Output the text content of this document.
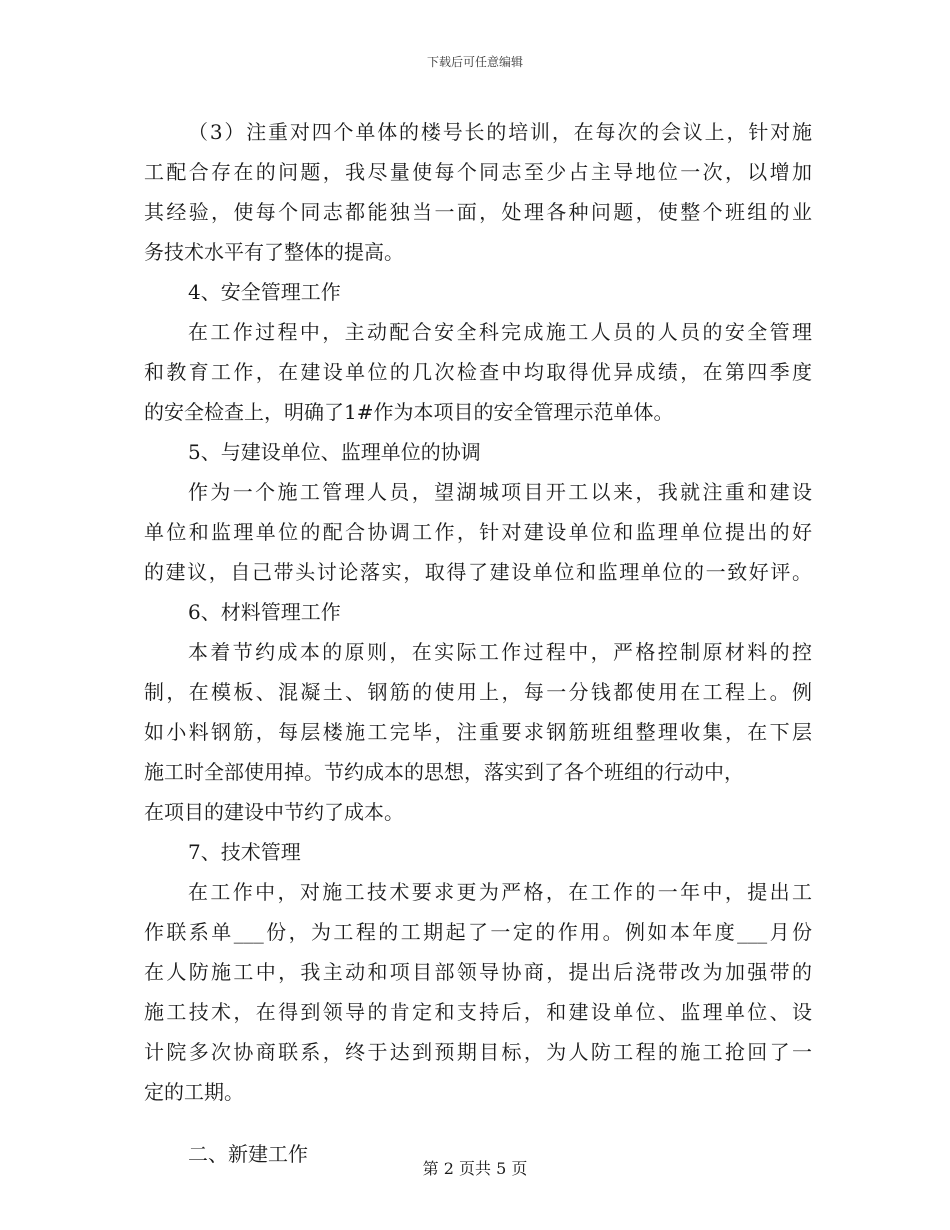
下载后可任意编辑
（3）注重对四个单体的楼号长的培训，在每次的会议上，针对施
工配合存在的问题，我尽量使每个同志至少占主导地位一次，以增加
其经验，使每个同志都能独当一面，处理各种问题，使整个班组的业
务技术水平有了整体的提高。
4、安全管理工作
在工作过程中，主动配合安全科完成施工人员的人员的安全管理
和教育工作，在建设单位的几次检查中均取得优异成绩，在第四季度
的安全检查上，明确了1#作为本项目的安全管理示范单体。
5、与建设单位、监理单位的协调
作为一个施工管理人员，望湖城项目开工以来，我就注重和建设
单位和监理单位的配合协调工作，针对建设单位和监理单位提出的好
的建议，自己带头讨论落实，取得了建设单位和监理单位的一致好评。
6、材料管理工作
本着节约成本的原则，在实际工作过程中，严格控制原材料的控
制，在模板、混凝土、钢筋的使用上，每一分钱都使用在工程上。例
如小料钢筋，每层楼施工完毕，注重要求钢筋班组整理收集，在下层
施工时全部使用掉。节约成本的思想，落实到了各个班组的行动中，
在项目的建设中节约了成本。
7、技术管理
在工作中，对施工技术要求更为严格，在工作的一年中，提出工
作联系单___份，为工程的工期起了一定的作用。例如本年度___月份
在人防施工中，我主动和项目部领导协商，提出后浇带改为加强带的
施工技术，在得到领导的肯定和支持后，和建设单位、监理单位、设
计院多次协商联系，终于达到预期目标，为人防工程的施工抢回了一
定的工期。
二、新建工作
第 2 页共 5 页
